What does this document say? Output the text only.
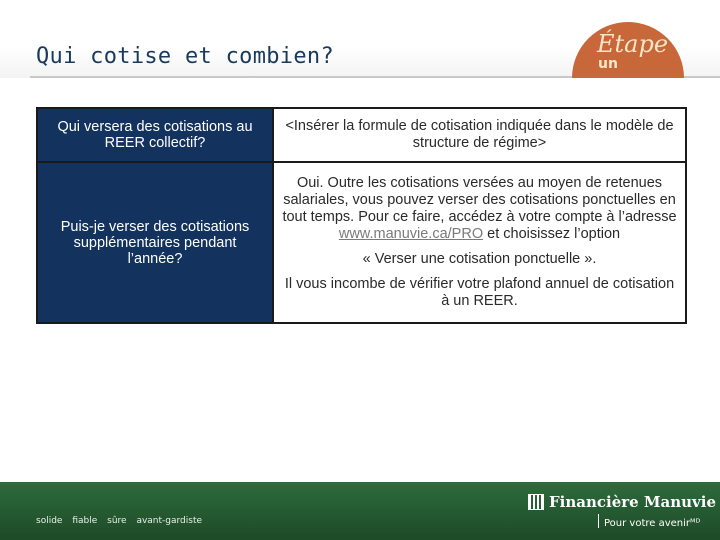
Qui cotise et combien?	Étape
un
Qui versera des cotisations au REER collectif?	<Insérer la formule de cotisation indiquée dans le modèle de structure de régime>
Puis-je verser des cotisations supplémentaires pendant l’année?	Oui. Outre les cotisations versées au moyen de retenues salariales, vous pouvez verser des cotisations ponctuelles en tout temps. Pour ce faire, accédez à votre compte à l’adresse www.manuvie.ca/PRO et choisissez l’option

« Verser une cotisation ponctuelle ».

Il vous incombe de vérifier votre plafond annuel de cotisation à un REER.

solide fiable sûre avant-gardiste
Financière Manuvie
Pour votre avenirᴹᴰ
